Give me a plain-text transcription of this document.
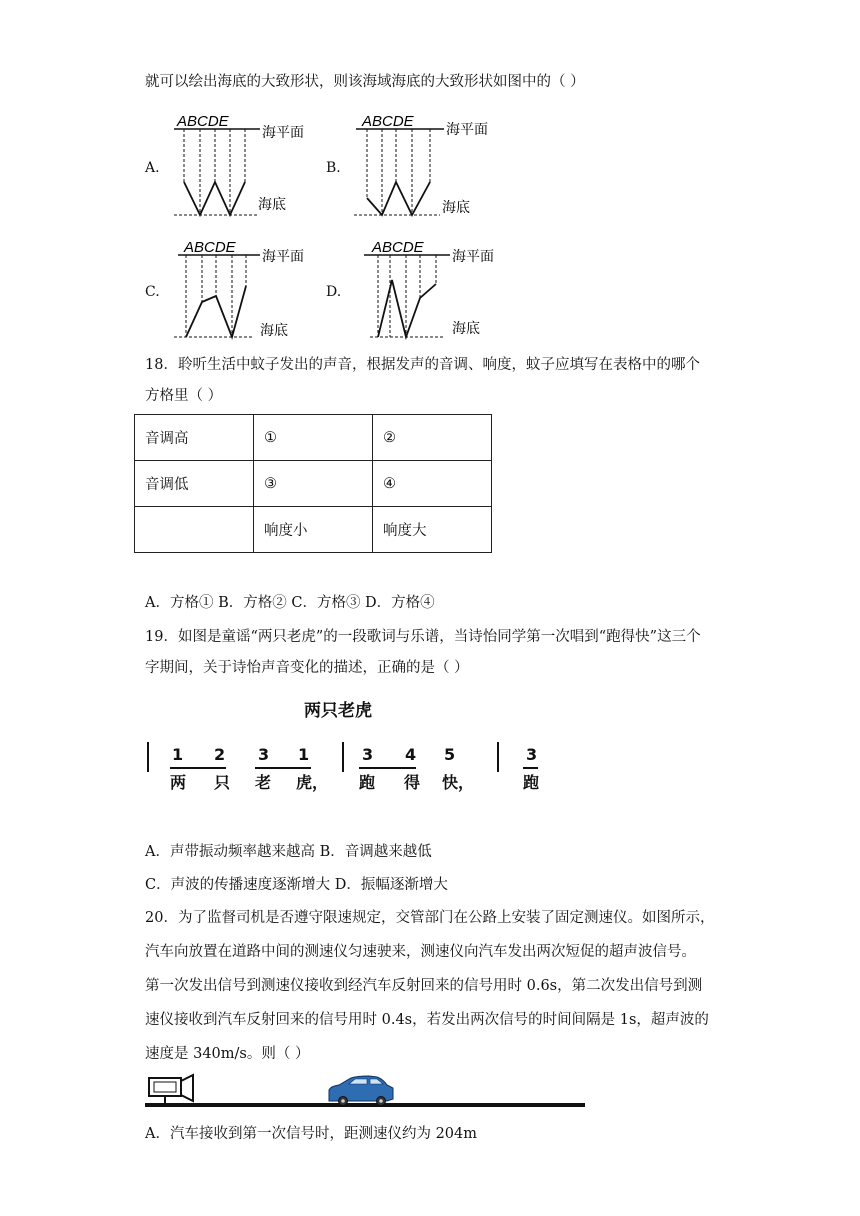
就可以绘出海底的大致形状，则该海域海底的大致形状如图中的（ ）
A.	B.
C.	D.
ABCDE
海平面
海底
ABCDE 海平面
海底
ABCDE 海平面
海底
ABCDE 海平面
海底
18．聆听生活中蚊子发出的声音，根据发声的音调、响度，蚊子应填写在表格中的哪个
方格里（ ）
音调高	①	②
音调低	③	④
	响度小	响度大
A．方格① B．方格② C．方格③ D．方格④
19．如图是童谣“两只老虎”的一段歌词与乐谱，当诗怡同学第一次唱到“跑得快”这三个
字期间，关于诗怡声音变化的描述，正确的是（ ）
两只老虎
1 2 3 1	3 4 5	3
两 只 老 虎， 跑 得 快，	跑
A．声带振动频率越来越高 B．音调越来越低
C．声波的传播速度逐渐增大 D．振幅逐渐增大
20．为了监督司机是否遵守限速规定，交管部门在公路上安装了固定测速仪。如图所示，
汽车向放置在道路中间的测速仪匀速驶来，测速仪向汽车发出两次短促的超声波信号。
第一次发出信号到测速仪接收到经汽车反射回来的信号用时 0.6s，第二次发出信号到测
速仪接收到汽车反射回来的信号用时 0.4s，若发出两次信号的时间间隔是 1s，超声波的
速度是 340m/s。则（ ）
A．汽车接收到第一次信号时，距测速仪约为 204m
